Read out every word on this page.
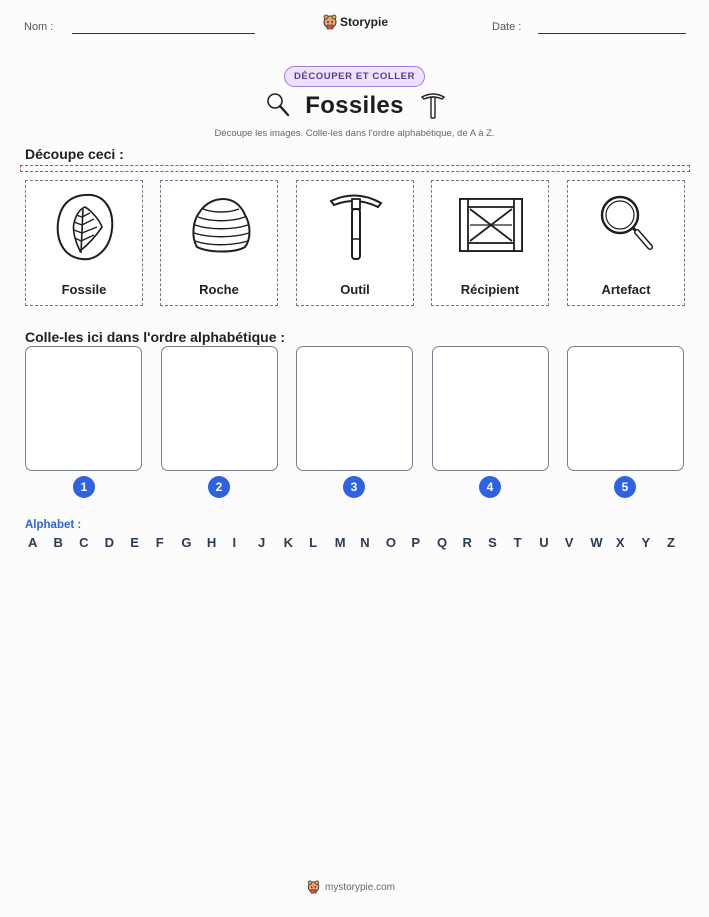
Nom :	Storypie	Date :
DÉCOUPER ET COLLER
Fossiles
Découpe les images. Colle-les dans l'ordre alphabétique, de A à Z.
Découpe ceci :
Fossile	Roche	Outil	Récipient	Artefact
Colle-les ici dans l'ordre alphabétique :
1	2	3	4	5
Alphabet :
A B C D E F G H I J K L M N O P Q R S T U V W X Y Z
mystorypie.com
